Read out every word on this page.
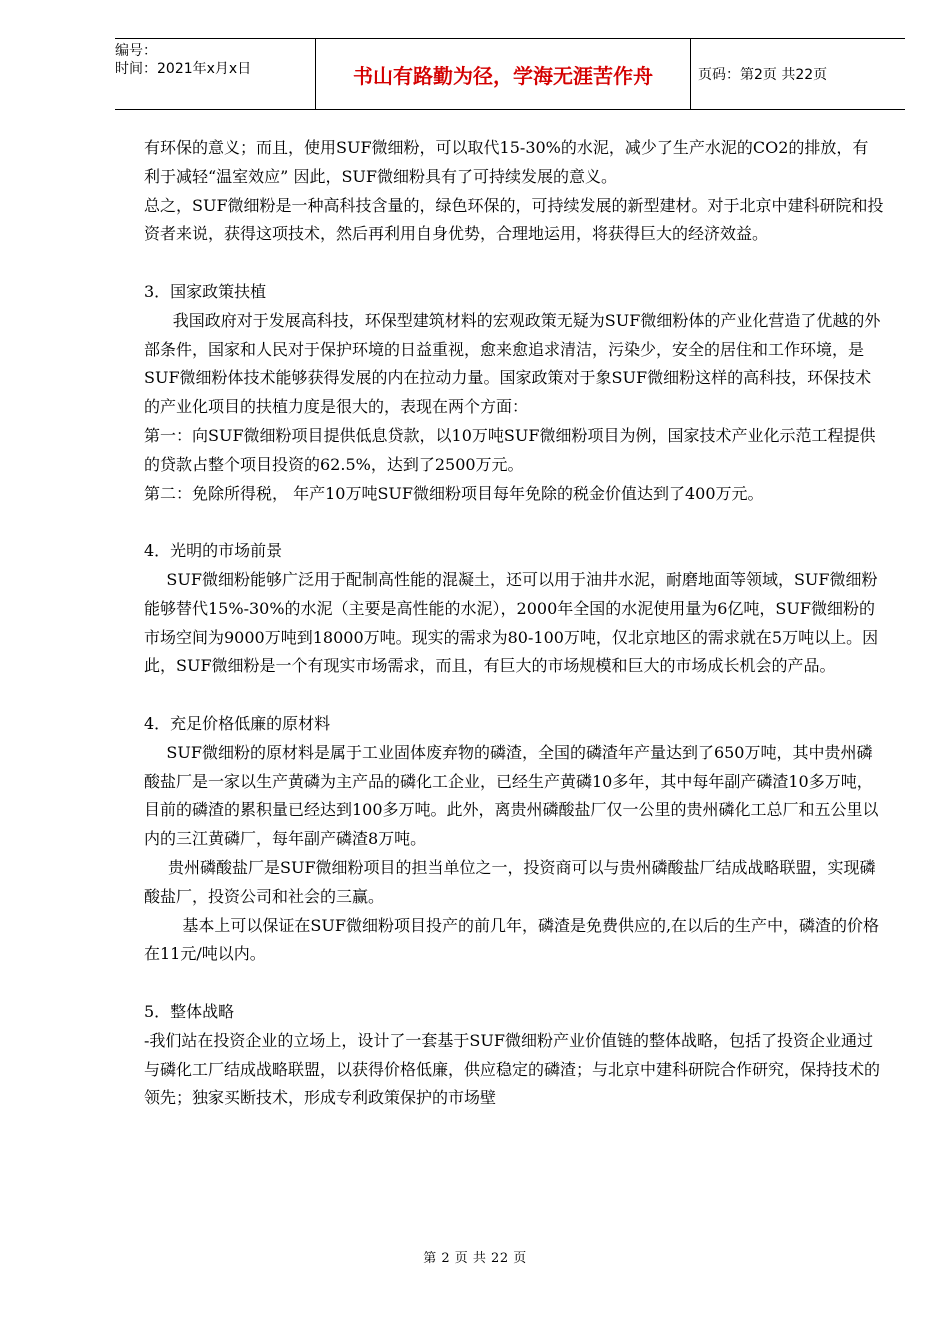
编号：
时间：2021年x月x日	书山有路勤为径，学海无涯苦作舟	页码：第2页 共22页

有环保的意义；而且，使用SUF微细粉，可以取代15-30%的水泥，减少了生产水泥的CO2的排放，有利于减轻“温室效应” 因此，SUF微细粉具有了可持续发展的意义。

总之，SUF微细粉是一种高科技含量的，绿色环保的，可持续发展的新型建材。对于北京中建科研院和投资者来说，获得这项技术，然后再利用自身优势，合理地运用，将获得巨大的经济效益。

3．国家政策扶植

我国政府对于发展高科技，环保型建筑材料的宏观政策无疑为SUF微细粉体的产业化营造了优越的外部条件，国家和人民对于保护环境的日益重视，愈来愈追求清洁，污染少，安全的居住和工作环境，是SUF微细粉体技术能够获得发展的内在拉动力量。国家政策对于象SUF微细粉这样的高科技，环保技术的产业化项目的扶植力度是很大的，表现在两个方面：

第一：向SUF微细粉项目提供低息贷款，以10万吨SUF微细粉项目为例，国家技术产业化示范工程提供的贷款占整个项目投资的62.5%，达到了2500万元。

第二：免除所得税， 年产10万吨SUF微细粉项目每年免除的税金价值达到了400万元。

4．光明的市场前景

SUF微细粉能够广泛用于配制高性能的混凝土，还可以用于油井水泥，耐磨地面等领域，SUF微细粉能够替代15%-30%的水泥（主要是高性能的水泥），2000年全国的水泥使用量为6亿吨，SUF微细粉的市场空间为9000万吨到18000万吨。现实的需求为80-100万吨，仅北京地区的需求就在5万吨以上。因此，SUF微细粉是一个有现实市场需求，而且，有巨大的市场规模和巨大的市场成长机会的产品。

4．充足价格低廉的原材料

SUF微细粉的原材料是属于工业固体废弃物的磷渣，全国的磷渣年产量达到了650万吨，其中贵州磷酸盐厂是一家以生产黄磷为主产品的磷化工企业，已经生产黄磷10多年，其中每年副产磷渣10多万吨，目前的磷渣的累积量已经达到100多万吨。此外，离贵州磷酸盐厂仅一公里的贵州磷化工总厂和五公里以内的三江黄磷厂，每年副产磷渣8万吨。

贵州磷酸盐厂是SUF微细粉项目的担当单位之一，投资商可以与贵州磷酸盐厂结成战略联盟，实现磷酸盐厂，投资公司和社会的三赢。

基本上可以保证在SUF微细粉项目投产的前几年，磷渣是免费供应的,在以后的生产中，磷渣的价格在11元/吨以内。

5．整体战略

-我们站在投资企业的立场上，设计了一套基于SUF微细粉产业价值链的整体战略，包括了投资企业通过与磷化工厂结成战略联盟，以获得价格低廉，供应稳定的磷渣；与北京中建科研院合作研究，保持技术的领先；独家买断技术，形成专利政策保护的市场壁

第 2 页 共 22 页
